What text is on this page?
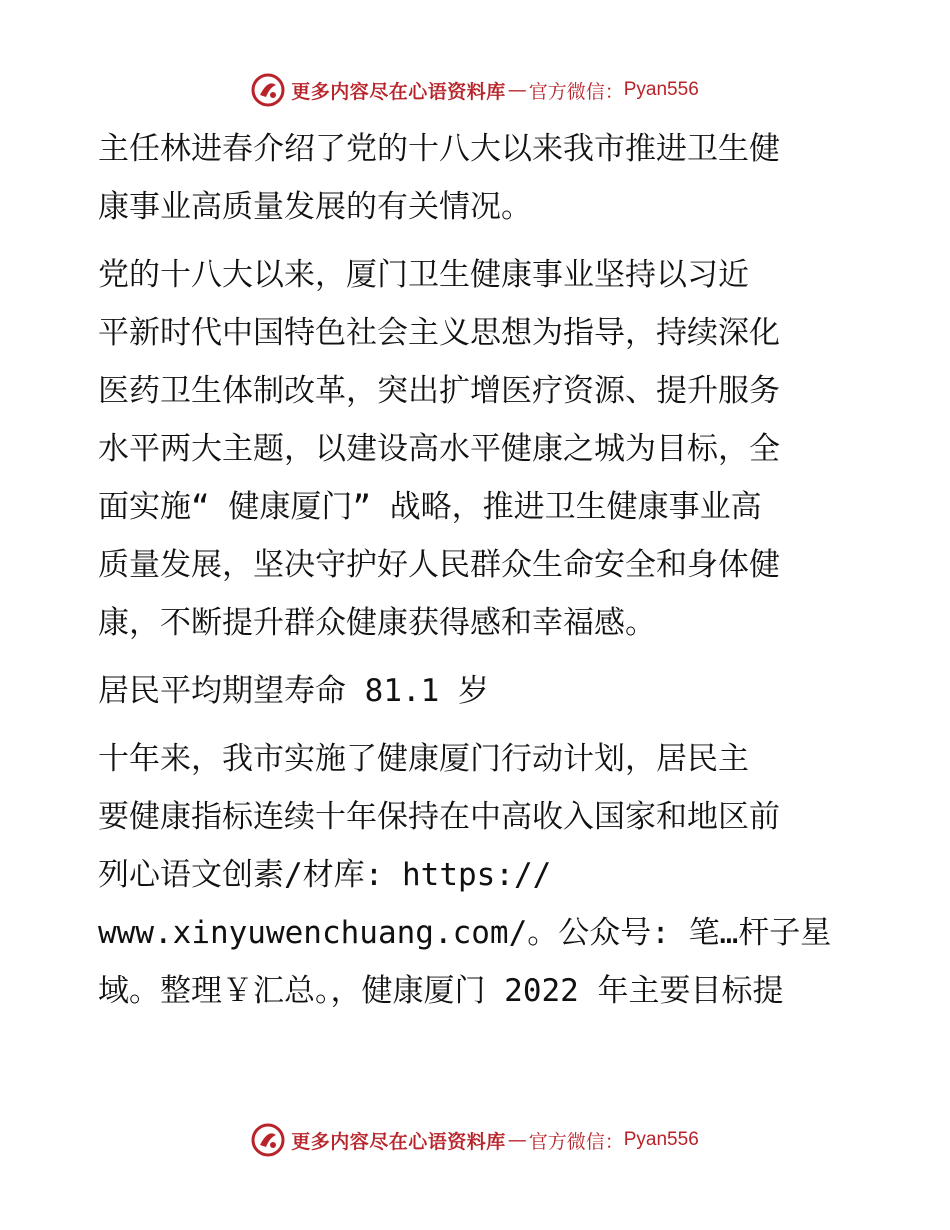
更多内容尽在心语资料库 — 官方微信： Pyan556
主任林进春介绍了党的十八大以来我市推进卫生健
康事业高质量发展的有关情况。
党的十八大以来，厦门卫生健康事业坚持以习近
平新时代中国特色社会主义思想为指导，持续深化
医药卫生体制改革，突出扩增医疗资源、提升服务
水平两大主题，以建设高水平健康之城为目标，全
面实施“ 健康厦门” 战略，推进卫生健康事业高
质量发展，坚决守护好人民群众生命安全和身体健
康，不断提升群众健康获得感和幸福感。
居民平均期望寿命 81.1 岁
十年来，我市实施了健康厦门行动计划，居民主
要健康指标连续十年保持在中高收入国家和地区前
列心语文创素/材库: https://
www.xinyuwenchuang.com/。公众号: 笔…杆子星
域。整理￥汇总。，健康厦门 2022 年主要目标提
更多内容尽在心语资料库 — 官方微信： Pyan556
